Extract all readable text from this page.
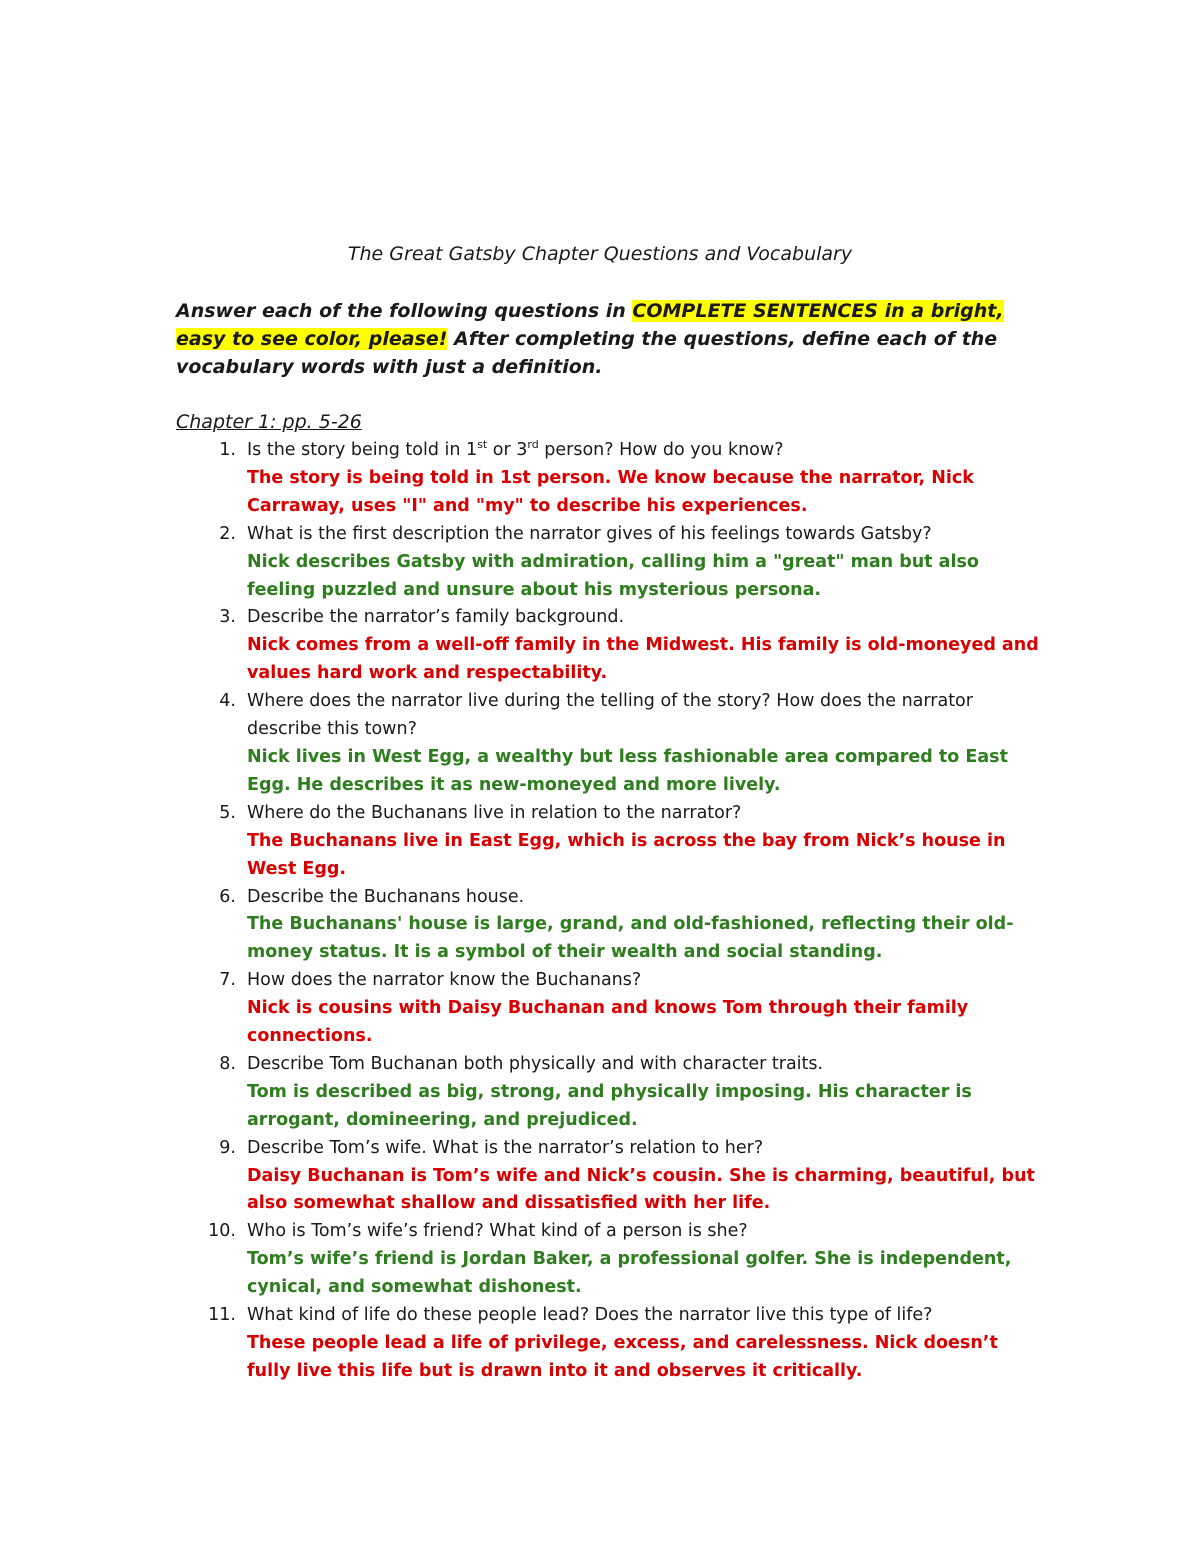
The Great Gatsby Chapter Questions and Vocabulary
Answer each of the following questions in COMPLETE SENTENCES in a bright, easy to see color, please! After completing the questions, define each of the vocabulary words with just a definition.
Chapter 1: pp. 5-26
1. Is the story being told in 1st or 3rd person? How do you know?
The story is being told in 1st person. We know because the narrator, Nick Carraway, uses "I" and "my" to describe his experiences.
2. What is the first description the narrator gives of his feelings towards Gatsby?
Nick describes Gatsby with admiration, calling him a "great" man but also feeling puzzled and unsure about his mysterious persona.
3. Describe the narrator’s family background.
Nick comes from a well-off family in the Midwest. His family is old-moneyed and values hard work and respectability.
4. Where does the narrator live during the telling of the story? How does the narrator describe this town?
Nick lives in West Egg, a wealthy but less fashionable area compared to East Egg. He describes it as new-moneyed and more lively.
5. Where do the Buchanans live in relation to the narrator?
The Buchanans live in East Egg, which is across the bay from Nick’s house in West Egg.
6. Describe the Buchanans house.
The Buchanans' house is large, grand, and old-fashioned, reflecting their old-money status. It is a symbol of their wealth and social standing.
7. How does the narrator know the Buchanans?
Nick is cousins with Daisy Buchanan and knows Tom through their family connections.
8. Describe Tom Buchanan both physically and with character traits.
Tom is described as big, strong, and physically imposing. His character is arrogant, domineering, and prejudiced.
9. Describe Tom’s wife. What is the narrator’s relation to her?
Daisy Buchanan is Tom’s wife and Nick’s cousin. She is charming, beautiful, but also somewhat shallow and dissatisfied with her life.
10. Who is Tom’s wife’s friend? What kind of a person is she?
Tom’s wife’s friend is Jordan Baker, a professional golfer. She is independent, cynical, and somewhat dishonest.
11. What kind of life do these people lead? Does the narrator live this type of life?
These people lead a life of privilege, excess, and carelessness. Nick doesn’t fully live this life but is drawn into it and observes it critically.
